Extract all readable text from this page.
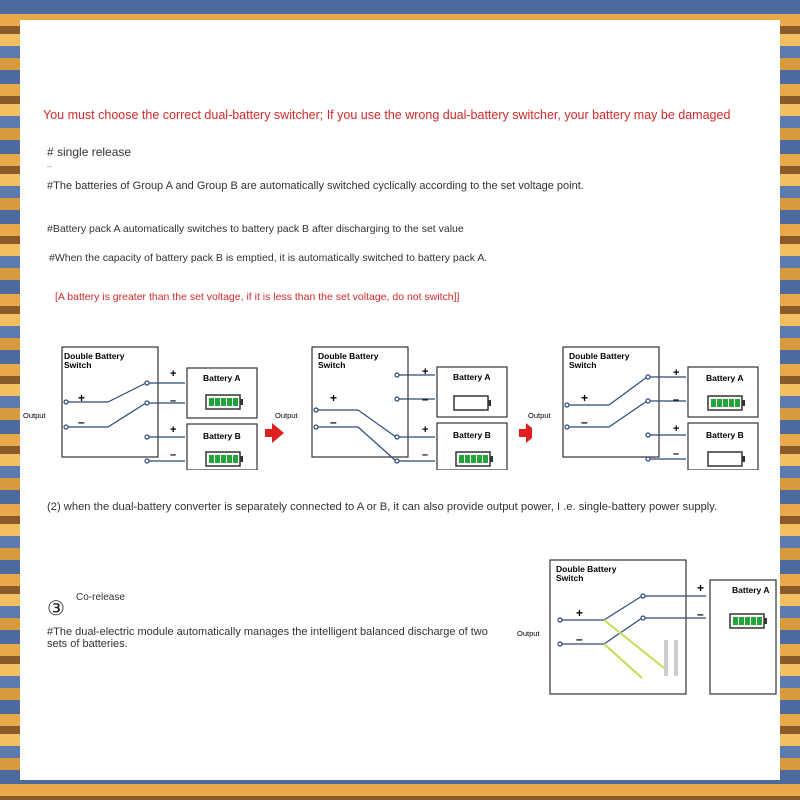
You must choose the correct dual-battery switcher; If you use the wrong dual-battery switcher, your battery may be damaged
# single release
–
#The batteries of Group A and Group B are automatically switched cyclically according to the set voltage point.
#Battery pack A automatically switches to battery pack B after discharging to the set value
#When the capacity of battery pack B is emptied, it is automatically switched to battery pack A.
[A battery is greater than the set voltage, if it is less than the set voltage, do not switch]]
Double Battery
Switch
+
–
Output
+
–
+
–
Battery A
Battery B
Output
Double Battery
Switch
+
–
+
–
+
–
Battery A
Battery B
Output
Double Battery
Switch
+
–
+
–
+
–
Battery A
Battery B
(2) when the dual-battery converter is separately connected to A or B, it can also provide output power, I .e. single-battery power supply.
③
Co-release
#The dual-electric module automatically manages the intelligent balanced discharge of two
sets of batteries.
Output
Double Battery
Switch
+
–
+
–
Battery A
